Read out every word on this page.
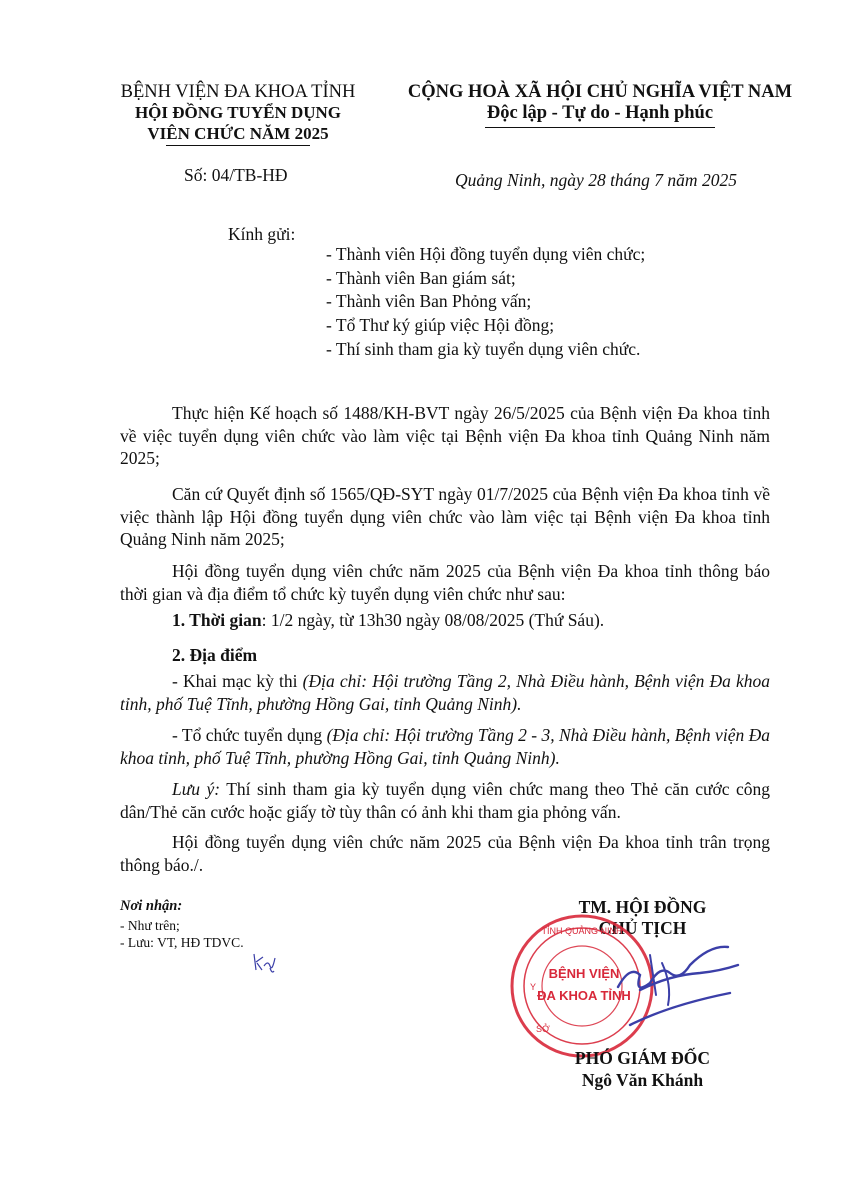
BỆNH VIỆN ĐA KHOA TỈNH
HỘI ĐỒNG TUYỂN DỤNG
VIÊN CHỨC NĂM 2025
CỘNG HOÀ XÃ HỘI CHỦ NGHĨA VIỆT NAM
Độc lập - Tự do - Hạnh phúc
Số: 04/TB-HĐ	Quảng Ninh, ngày 28 tháng 7 năm 2025
Kính gửi:
- Thành viên Hội đồng tuyển dụng viên chức;
- Thành viên Ban giám sát;
- Thành viên Ban Phỏng vấn;
- Tổ Thư ký giúp việc Hội đồng;
- Thí sinh tham gia kỳ tuyển dụng viên chức.
Thực hiện Kế hoạch số 1488/KH-BVT ngày 26/5/2025 của Bệnh viện Đa khoa tỉnh về việc tuyển dụng viên chức vào làm việc tại Bệnh viện Đa khoa tỉnh Quảng Ninh năm 2025;
Căn cứ Quyết định số 1565/QĐ-SYT ngày 01/7/2025 của Bệnh viện Đa khoa tỉnh về việc thành lập Hội đồng tuyển dụng viên chức vào làm việc tại Bệnh viện Đa khoa tỉnh Quảng Ninh năm 2025;
Hội đồng tuyển dụng viên chức năm 2025 của Bệnh viện Đa khoa tỉnh thông báo thời gian và địa điểm tổ chức kỳ tuyển dụng viên chức như sau:
1. Thời gian: 1/2 ngày, từ 13h30 ngày 08/08/2025 (Thứ Sáu).
2. Địa điểm
- Khai mạc kỳ thi (Địa chỉ: Hội trường Tầng 2, Nhà Điều hành, Bệnh viện Đa khoa tỉnh, phố Tuệ Tĩnh, phường Hồng Gai, tỉnh Quảng Ninh).
- Tổ chức tuyển dụng (Địa chỉ: Hội trường Tầng 2 - 3, Nhà Điều hành, Bệnh viện Đa khoa tỉnh, phố Tuệ Tĩnh, phường Hồng Gai, tỉnh Quảng Ninh).
Lưu ý: Thí sinh tham gia kỳ tuyển dụng viên chức mang theo Thẻ căn cước công dân/Thẻ căn cước hoặc giấy tờ tùy thân có ảnh khi tham gia phỏng vấn.
Hội đồng tuyển dụng viên chức năm 2025 của Bệnh viện Đa khoa tỉnh trân trọng thông báo./.
Nơi nhận:
- Như trên;
- Lưu: VT, HĐ TDVC.
TM. HỘI ĐỒNG
CHỦ TỊCH
TỈNH QUẢNG NINH
BỆNH VIỆN
ĐA KHOA TỈNH
Y
SỞ
PHÓ GIÁM ĐỐC
Ngô Văn Khánh
